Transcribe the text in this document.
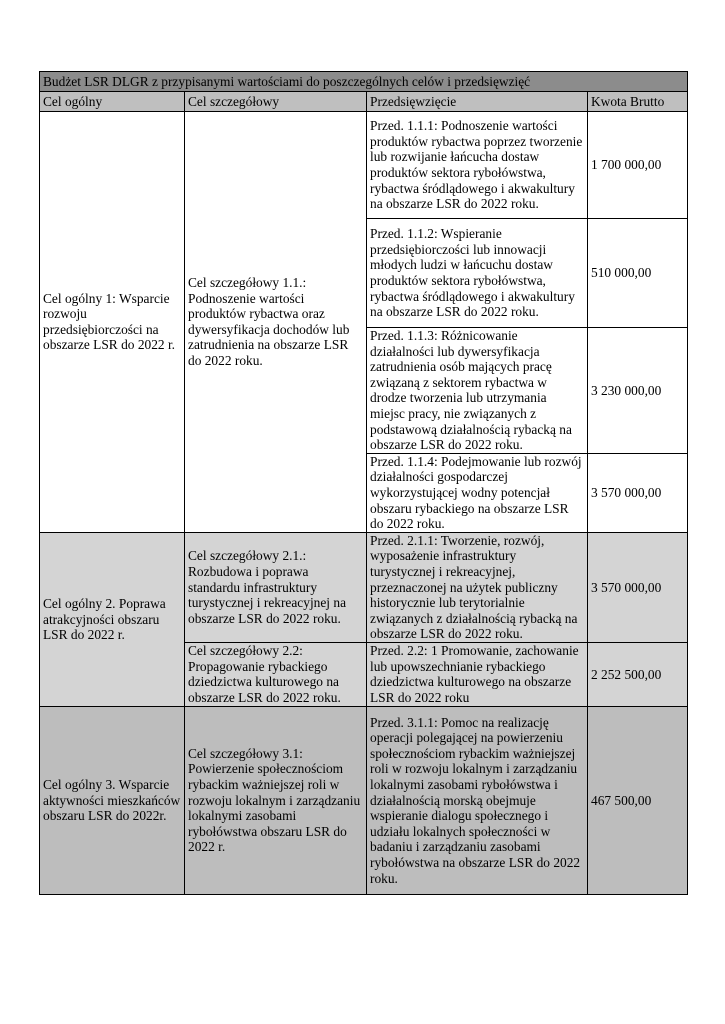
Budżet LSR DLGR z przypisanymi wartościami do poszczególnych celów i przedsięwzięć			
Cel ogólny	Cel szczegółowy	Przedsięwzięcie	Kwota Brutto
Cel ogólny 1: Wsparcie rozwoju przedsiębiorczości na obszarze LSR do 2022 r.	Cel szczegółowy 1.1.: Podnoszenie wartości produktów rybactwa oraz dywersyfikacja dochodów lub zatrudnienia na obszarze LSR do 2022 roku.	Przed. 1.1.1: Podnoszenie wartości produktów rybactwa poprzez tworzenie lub rozwijanie łańcucha dostaw produktów sektora rybołówstwa, rybactwa śródlądowego i akwakultury na obszarze LSR do 2022 roku.	1 700 000,00
		Przed. 1.1.2: Wspieranie przedsiębiorczości lub innowacji młodych ludzi w łańcuchu dostaw produktów sektora rybołówstwa, rybactwa śródlądowego i akwakultury na obszarze LSR do 2022 roku.	510 000,00
		Przed. 1.1.3: Różnicowanie działalności lub dywersyfikacja zatrudnienia osób mających pracę związaną z sektorem rybactwa w drodze tworzenia lub utrzymania miejsc pracy, nie związanych z podstawową działalnością rybacką na obszarze LSR do 2022 roku.	3 230 000,00
		Przed. 1.1.4: Podejmowanie lub rozwój działalności gospodarczej wykorzystującej wodny potencjał obszaru rybackiego na obszarze LSR do 2022 roku.	3 570 000,00
Cel ogólny 2. Poprawa atrakcyjności obszaru LSR do 2022 r.	Cel szczegółowy 2.1.: Rozbudowa i poprawa standardu infrastruktury turystycznej i rekreacyjnej na obszarze LSR do 2022 roku.	Przed. 2.1.1: Tworzenie, rozwój, wyposażenie infrastruktury turystycznej i rekreacyjnej, przeznaczonej na użytek publiczny historycznie lub terytorialnie związanych z działalnością rybacką na obszarze LSR do 2022 roku.	3 570 000,00
	Cel szczegółowy 2.2: Propagowanie rybackiego dziedzictwa kulturowego na obszarze LSR do 2022 roku.	Przed. 2.2: 1 Promowanie, zachowanie lub upowszechnianie rybackiego dziedzictwa kulturowego na obszarze LSR do 2022 roku	2 252 500,00
Cel ogólny 3. Wsparcie aktywności mieszkańców obszaru LSR do 2022r.	Cel szczegółowy 3.1: Powierzenie społecznościom rybackim ważniejszej roli w rozwoju lokalnym i zarządzaniu lokalnymi zasobami rybołówstwa obszaru LSR do 2022 r.	Przed. 3.1.1: Pomoc na realizację operacji polegającej na powierzeniu społecznościom rybackim ważniejszej roli w rozwoju lokalnym i zarządzaniu lokalnymi zasobami rybołówstwa i działalnością morską obejmuje wspieranie dialogu społecznego i udziału lokalnych społeczności w badaniu i zarządzaniu zasobami rybołówstwa na obszarze LSR do 2022 roku.	467 500,00
